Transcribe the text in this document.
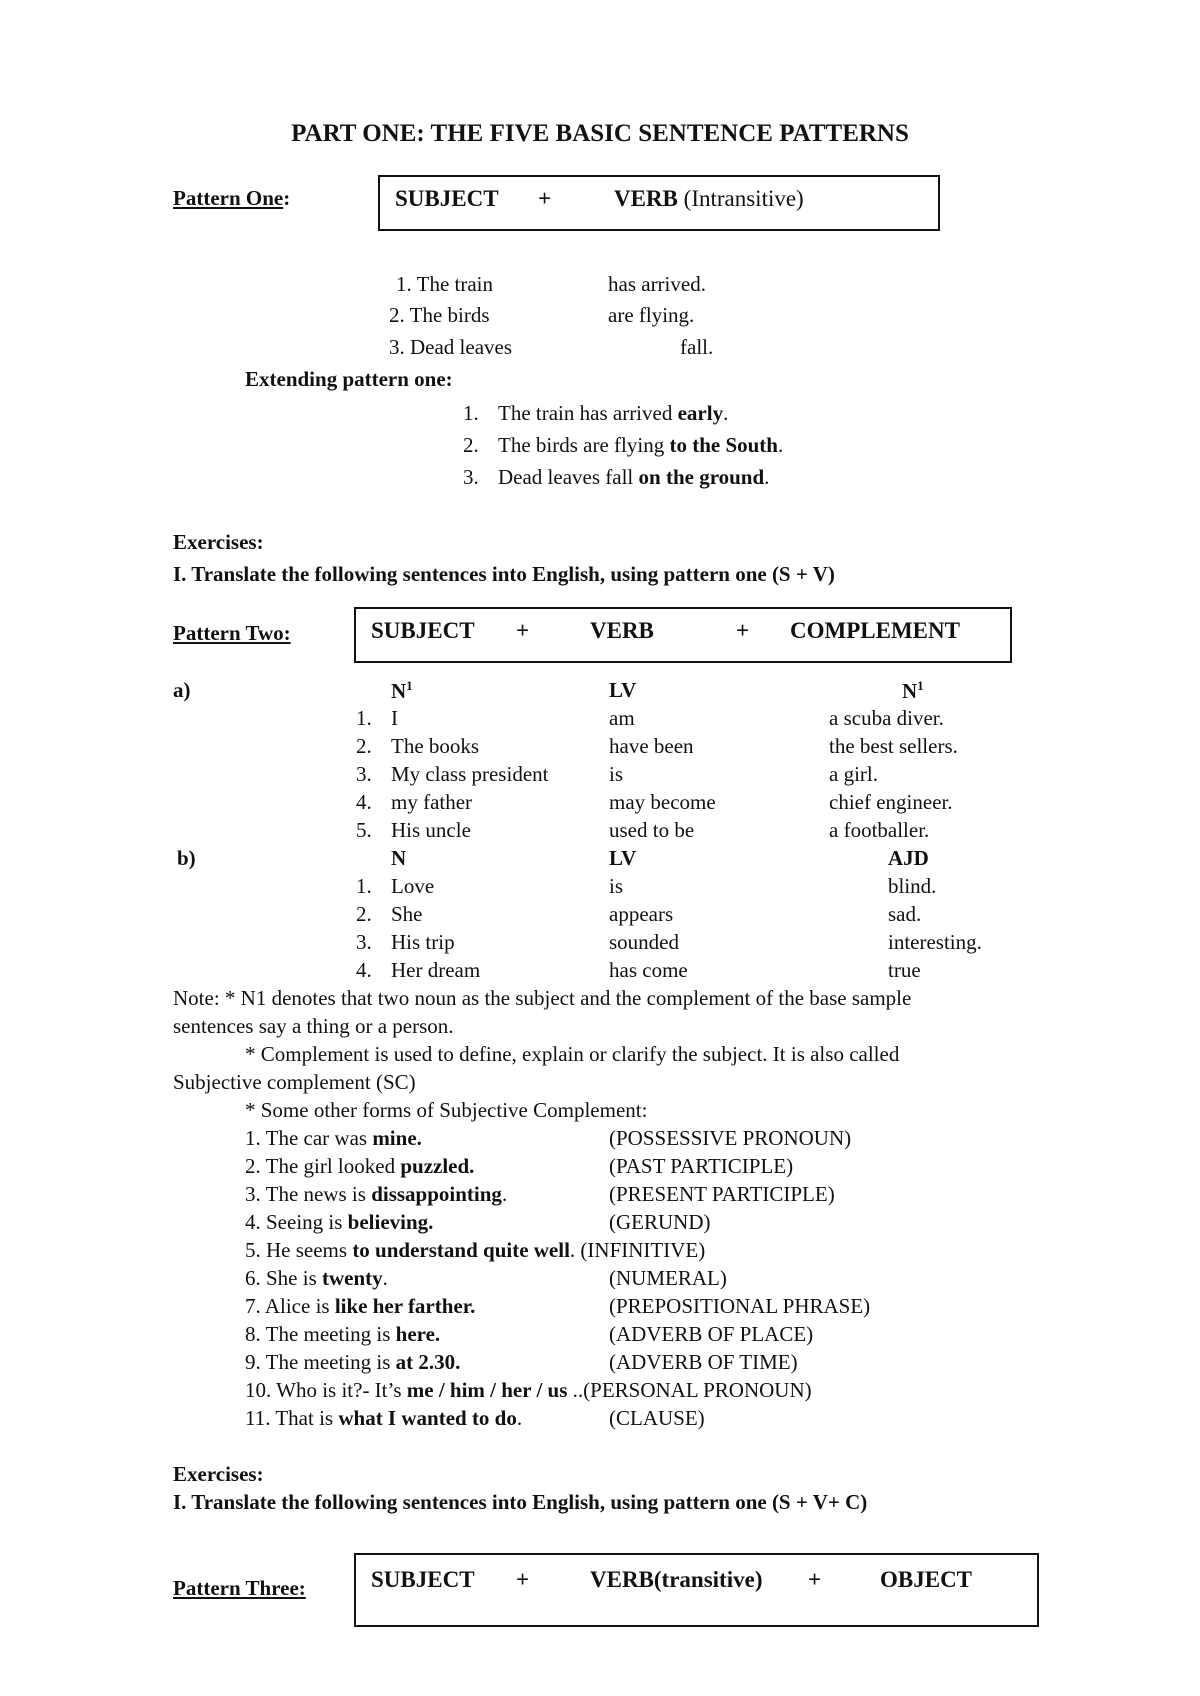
PART ONE: THE FIVE BASIC SENTENCE PATTERNS
Pattern One:	SUBJECT +	VERB (Intransitive)
1. The train	has arrived.
2. The birds	are flying.
3. Dead leaves	fall.
Extending pattern one:
1. The train has arrived early.
2. The birds are flying to the South.
3. Dead leaves fall on the ground.
Exercises:
I. Translate the following sentences into English, using pattern one (S + V)
Pattern Two:	SUBJECT +	VERB	+ COMPLEMENT
a)	$N^1$	LV	$N^1$
1. I	am	a scuba diver.
2. The books	have been	the best sellers.
3. My class president	is	a girl.
4. my father	may become	chief engineer.
5. His uncle	used to be	a footballer.
b)	N	LV	AJD
1. Love	is	blind.
2. She	appears	sad.
3. His trip	sounded	interesting.
4. Her dream	has come	true
Note: * N1 denotes that two noun as the subject and the complement of the base sample
sentences say a thing or a person.
* Complement is used to define, explain or clarify the subject. It is also called
Subjective complement (SC)
* Some other forms of Subjective Complement:
1. The car was mine.	(POSSESSIVE PRONOUN)
2. The girl looked puzzled.	(PAST PARTICIPLE)
3. The news is dissappointing.	(PRESENT PARTICIPLE)
4. Seeing is believing.	(GERUND)
5. He seems to understand quite well. (INFINITIVE)
6. She is twenty.	(NUMERAL)
7. Alice is like her farther.	(PREPOSITIONAL PHRASE)
8. The meeting is here.	(ADVERB OF PLACE)
9. The meeting is at 2.30.	(ADVERB OF TIME)
10. Who is it?- It’s me / him / her / us ..(PERSONAL PRONOUN)
11. That is what I wanted to do.	(CLAUSE)
Exercises:
I. Translate the following sentences into English, using pattern one (S + V+ C)
Pattern Three:	SUBJECT +	VERB(transitive) +	OBJECT
